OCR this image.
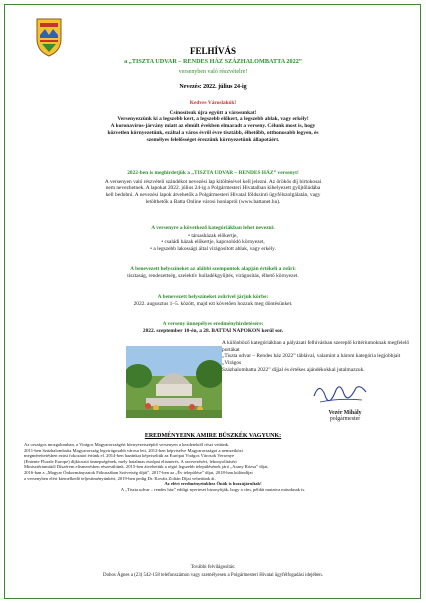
FELHÍVÁS
a „TISZTA UDVAR – RENDES HÁZ SZÁZHALOMBATTA 2022”
versenyben való részvételre!
Nevezés: 2022. július 24-ig
Kedves Városlakók!
Csinosítsuk újra együtt a városunkat!
Versenyezzünk ki a legszebb kert, a legszebb előkert, a legszebb ablak, vagy erkély!
A koronavírus-járvány miatt az elmúlt években elmaradt a verseny. Célunk most is, hogy
közvetlen környezetünk, ezáltal a város évről évre tisztább, élhetőbb, otthonosabb legyen, és
személyes felelősséget érezzünk környezetünk állapotáért.
2022-ben is meghirdetjük a „TISZTA UDVAR – RENDES HÁZ” versenyt!
A versenyen való részvételi szándékot nevezési lap kitöltésével kell jelezni. Az örökös díj birtokosai
nem nevezhetnek. A lapokat 2022. július 24-ig a Polgármesteri Hivatalban kihelyezett gyűjtőládába
kell bedobni. A nevezési lapok átvehetők a Polgármesteri Hivatal földszinti ügyfélszolgálatán, vagy
letölthetők a Batta Online városi honlapról (www.battanet.hu).
A versenyre a következő kategóriákban lehet nevezni:
• társasházak előkertje,
• családi házak előkertje, kapcsolódó környezet,
• a legszebb lakossági által virágosított ablak, vagy erkély.
A benevezett helyszíneket az alábbi szempontok alapján értékeli a zsűri:
tisztaság, rendezettség, szelektív hulladékgyűjtés, virágosítás, élhető környezet.
A benevezett helyszíneket zsűrivel járjuk körbe:
2022. augusztus 1–5. között, majd ezt követően hozzuk meg döntésünket.
A verseny ünnepélyes eredményhirdetésére:
2022. szeptember 10-én, a 28. BATTAI NAPOKON kerül sor.
A különböző kategóriákban a pályázati felhívásban szereplő kritériumoknak megfelelő portákat
„Tiszta udvar – Rendes ház 2022” táblával, valamint a három kategória legjobbjait „Virágos
Százhalombatta 2022” díjjal és értékes ajándékokkal jutalmazzuk.
Vezér Mihály
polgármester
EREDMÉNYEINK AMIRE BÜSZKÉK VAGYUNK:
Az országos mozgalomban, a Virágos Magyarországért környezetszépítő versenyen a kezdetektől részt vettünk.
2011-ben Százhalombatta Magyarország legvirágosabb városa lett, 2012-ben képviselve Magyarországot a nemzetközi
megmérettetésben ezüst fokozatot értünk el. 2014-ben hazánkat képviseltük az Európai Virágos Városok Versenye
(Entente Florale Europe) díjkiosztó ünnepségének, mely hatalmas európai elismerés. A szervezésért, lebonyolításért
Minisztériumától Díszérem elismerésben részesültünk. 2015-ben átvehettük a régió legszebb településének járó „Arany Rózsa” díjat,
2016-ban a „Magyar Önkormányzatok Fókuszában Szövetség díját”, 2017-ben az „Év települése” díjat, 2018-ban különdíjat
a versenyben elért kiemelkedő teljesítményünkért, 2019-ben pedig Dr. Kováts Zoltán Díjat vehettünk át.
Az elért eredményeinkhez Önök is hozzájárultak!
A „Tiszta udvar – rendes ház” eddigi nyertesei bizonyítják, hogy a cím, példát mutatva másoknak is.
További felvilágosítás:
Dobos Ágnes a (23) 542-158 telefonszámon vagy személyesen a Polgármesteri Hivatal ügyfélfogadási idejében.
